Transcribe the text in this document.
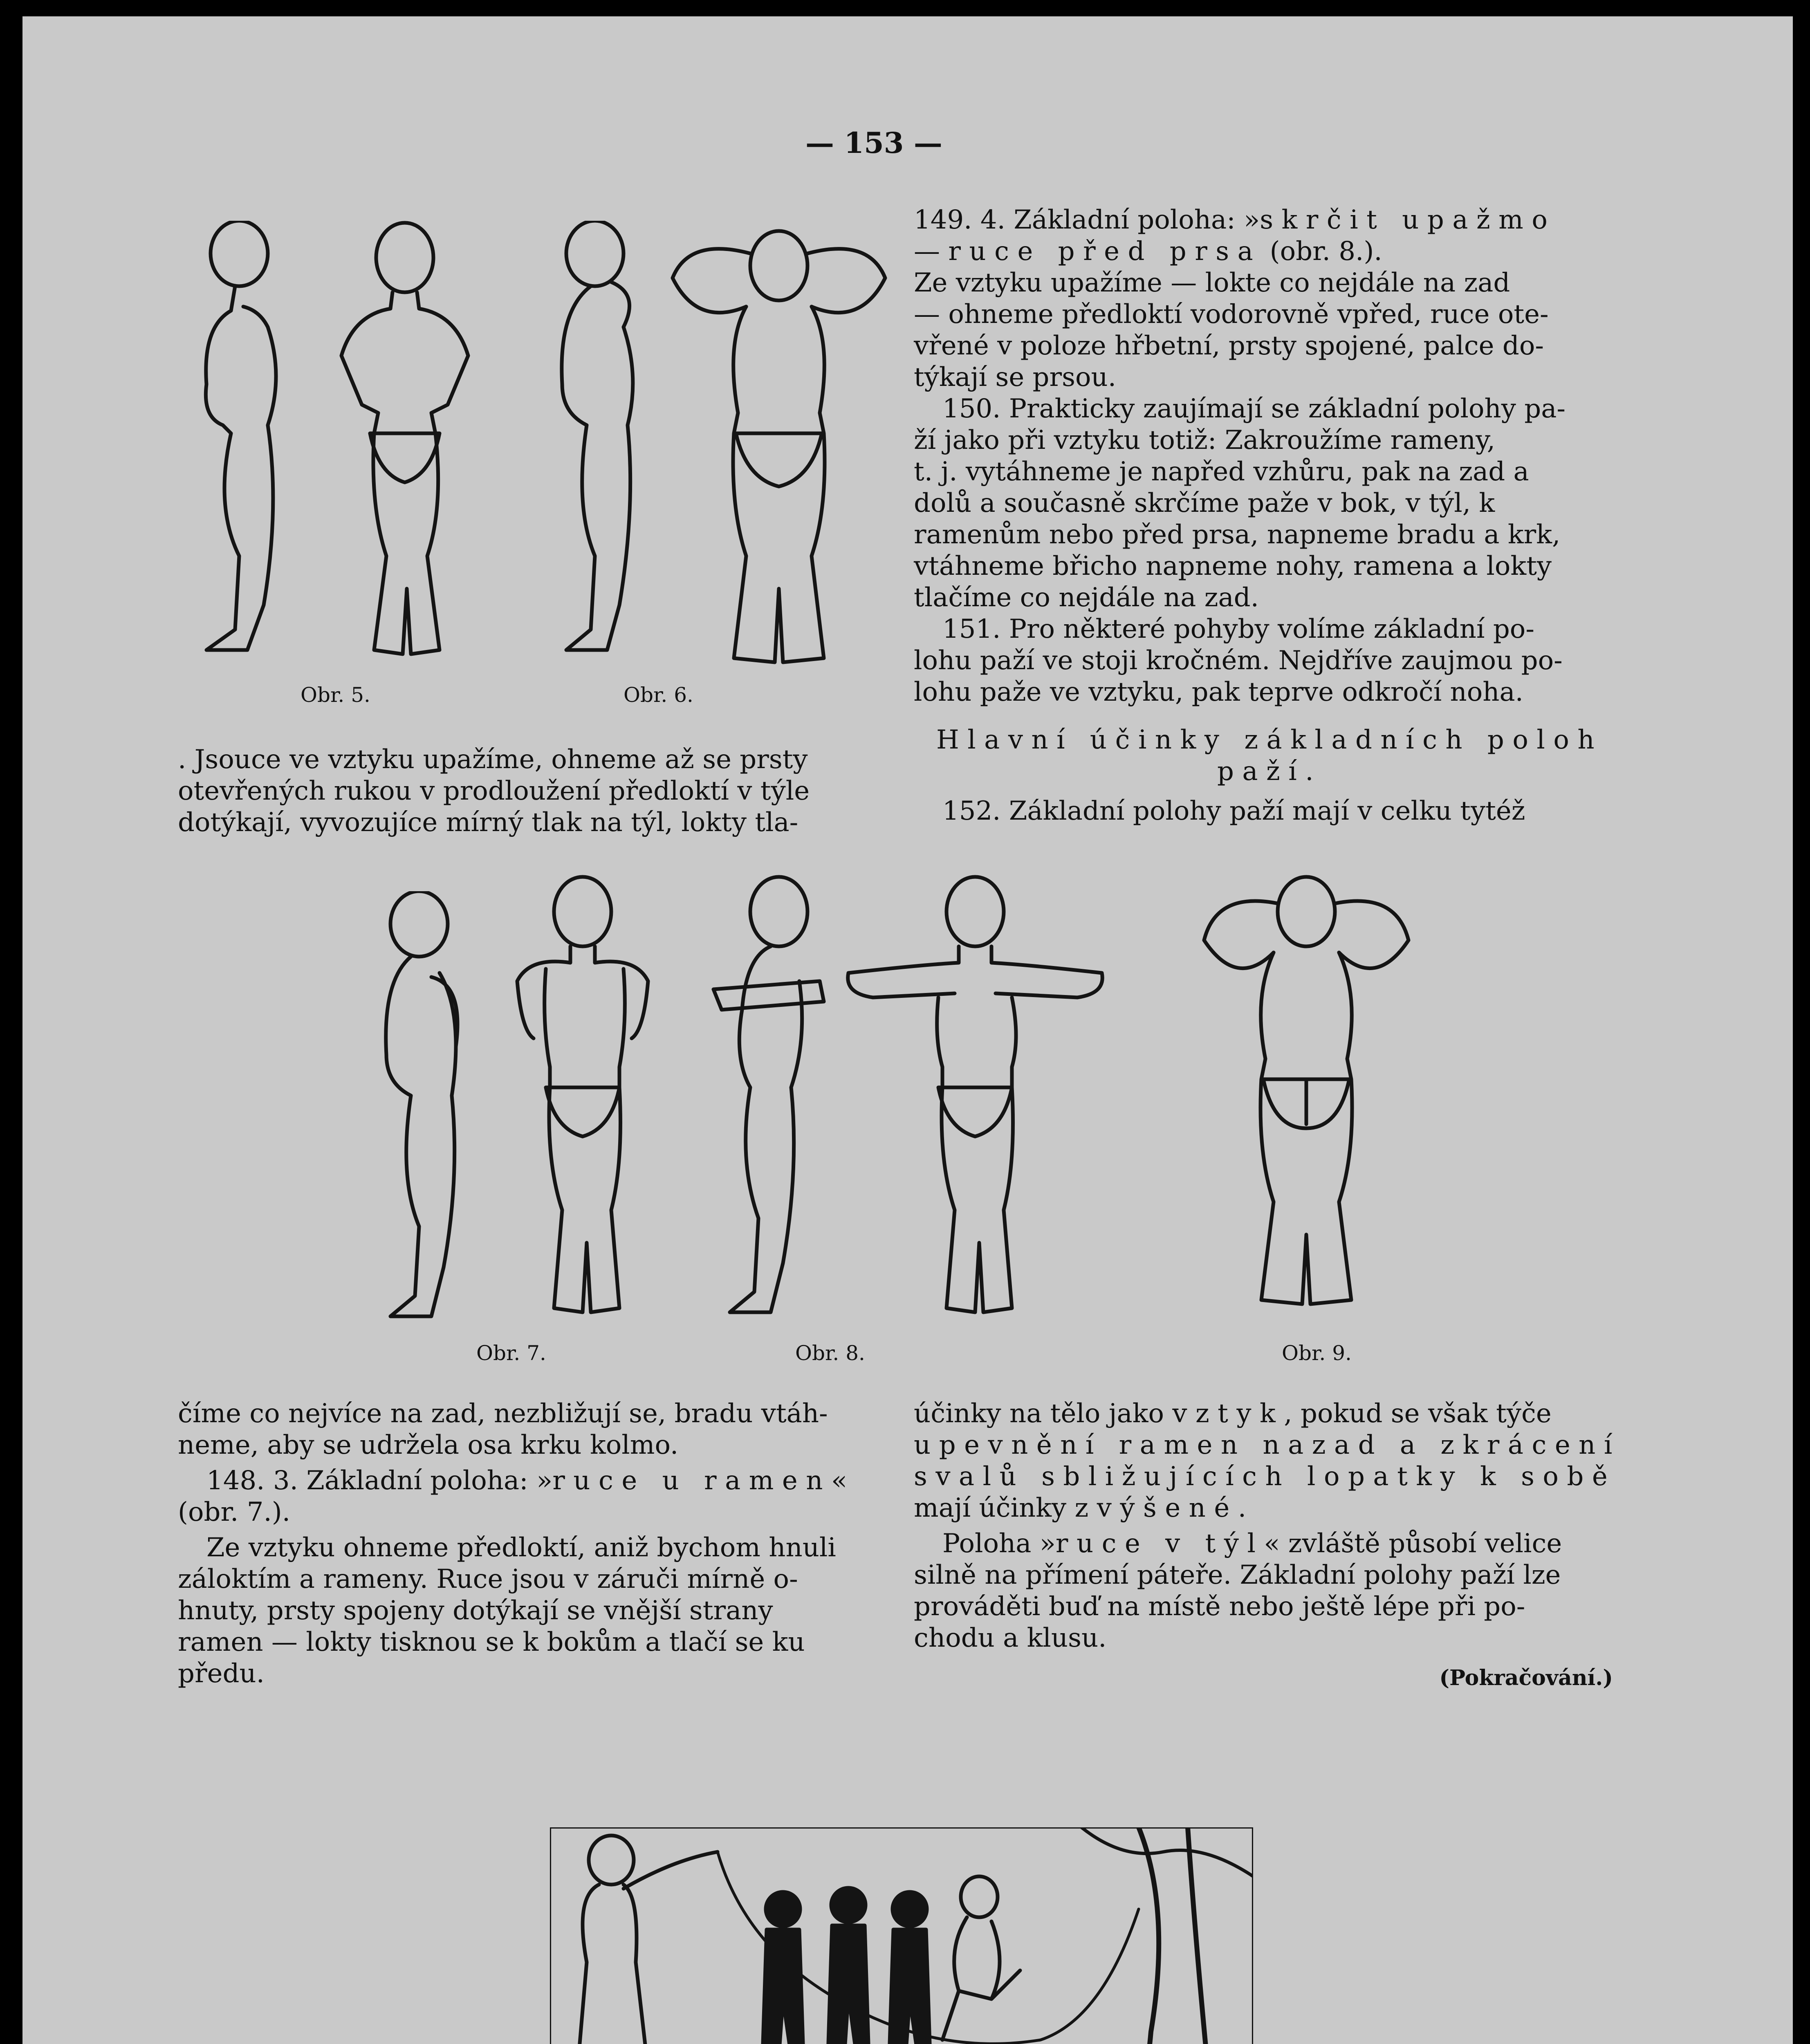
— 153 —
Obr. 5.	Obr. 6.

. Jsouce ve vztyku upažíme, ohneme až se prsty

otevřených rukou v prodloužení předloktí v týle

dotýkají, vyvozujíce mírný tlak na týl, lokty tla-

149. 4. Základní poloha: »skrčit upažmo

— ruce před prsa (obr. 8.).

Ze vztyku upažíme — lokte co nejdále na zad

— ohneme předloktí vodorovně vpřed, ruce ote-

vřené v poloze hřbetní, prsty spojené, palce do-

týkají se prsou.

150. Prakticky zaujímají se základní polohy pa-

ží jako při vztyku totiž: Zakroužíme rameny,

t. j. vytáhneme je napřed vzhůru, pak na zad a

dolů a současně skrčíme paže v bok, v týl, k

ramenům nebo před prsa, napneme bradu a krk,

vtáhneme břicho napneme nohy, ramena a lokty

tlačíme co nejdále na zad.

151. Pro některé pohyby volíme základní po-

lohu paží ve stoji kročném. Nejdříve zaujmou po-

lohu paže ve vztyku, pak teprve odkročí noha.

Hlavní účinky základních poloh

paží.

152. Základní polohy paží mají v celku tytéž

Obr. 7.	Obr. 8.	Obr. 9.

číme co nejvíce na zad, nezbližují se, bradu vtáh-

neme, aby se udržela osa krku kolmo.

148. 3. Základní poloha: »ruce u ramen«

(obr. 7.).

Ze vztyku ohneme předloktí, aniž bychom hnuli

záloktím a rameny. Ruce jsou v záruči mírně o-

hnuty, prsty spojeny dotýkají se vnější strany

ramen — lokty tisknou se k bokům a tlačí se ku

předu.

účinky na tělo jako vztyk, pokud se však týče

upevnění ramen nazad a zkrácení

svalů sbližujících lopatky k sobě

mají účinky zvýšené.

Poloha »ruce v týl« zvláště působí velice

silně na přímení páteře. Základní polohy paží lze

prováděti buď na místě nebo ještě lépe při po-

chodu a klusu.

(Pokračování.)
